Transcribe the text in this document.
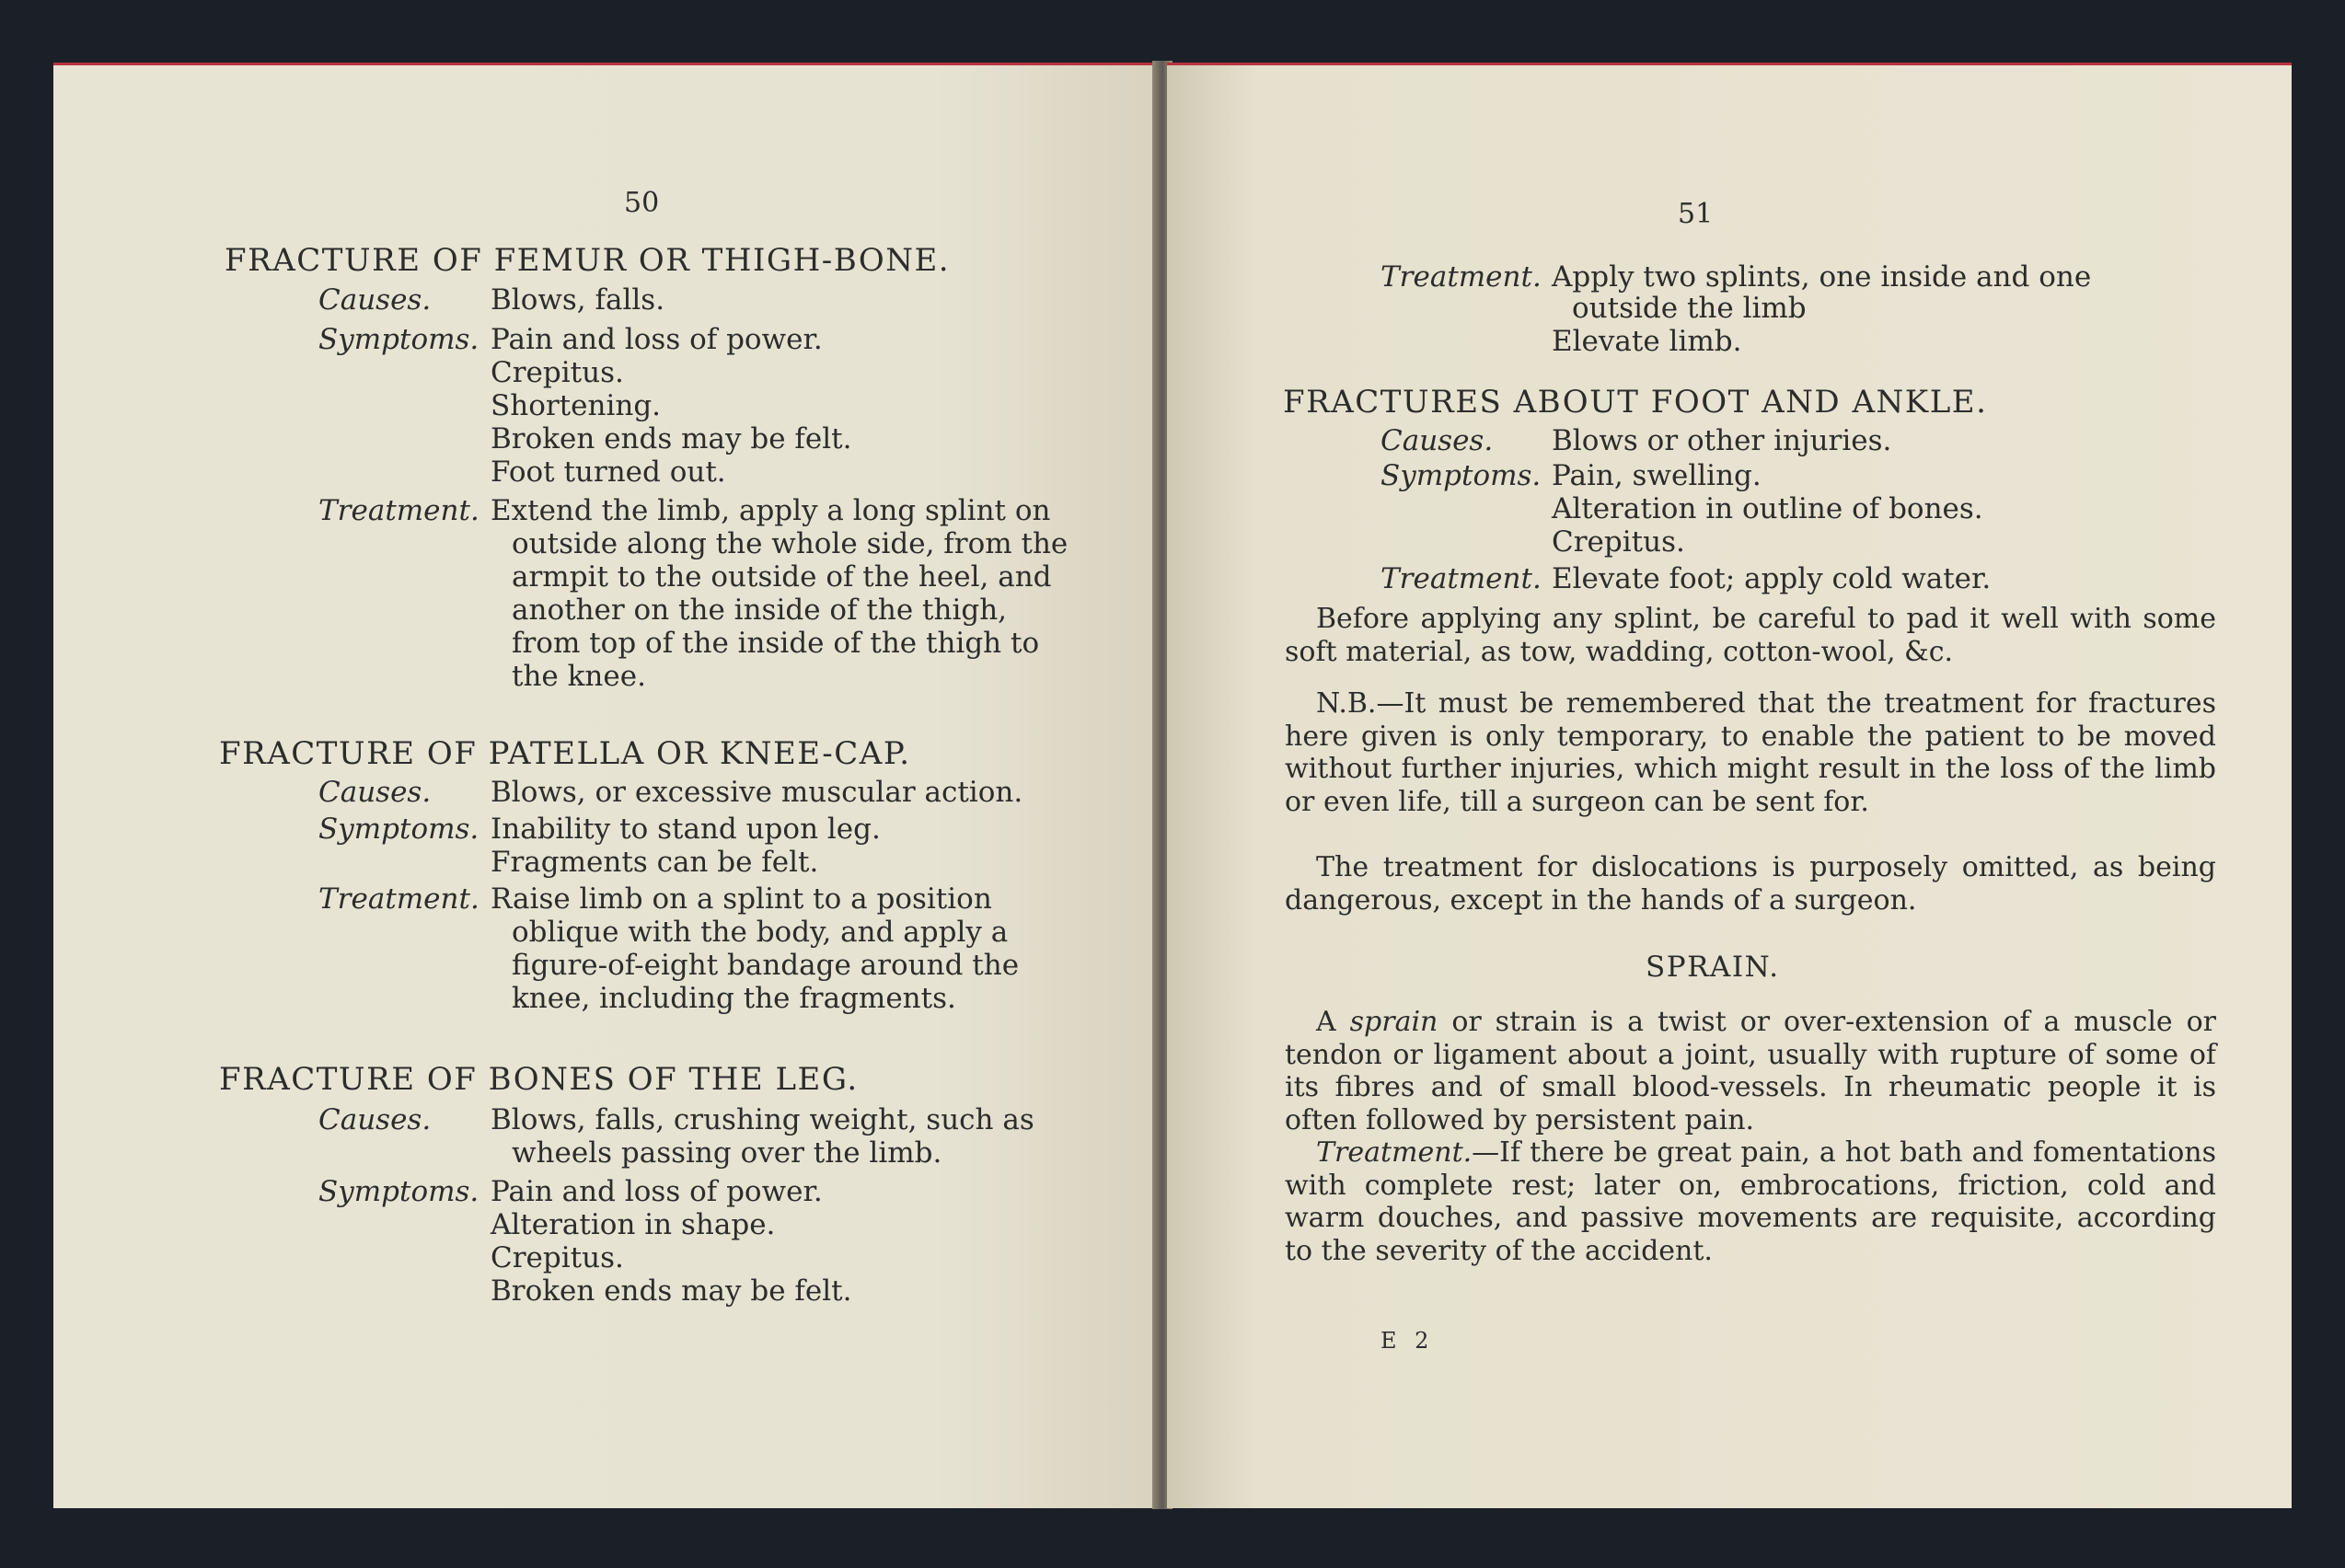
50
FRACTURE OF FEMUR OR THIGH-BONE.
Causes. Blows, falls.
Symptoms. Pain and loss of power.
Crepitus.
Shortening.
Broken ends may be felt.
Foot turned out.
Treatment. Extend the limb, apply a long splint on
outside along the whole side, from the
armpit to the outside of the heel, and
another on the inside of the thigh,
from top of the inside of the thigh to
the knee.
FRACTURE OF PATELLA OR KNEE-CAP.
Causes. Blows, or excessive muscular action.
Symptoms. Inability to stand upon leg.
Fragments can be felt.
Treatment. Raise limb on a splint to a position
oblique with the body, and apply a
figure-of-eight bandage around the
knee, including the fragments.
FRACTURE OF BONES OF THE LEG.
Causes. Blows, falls, crushing weight, such as
wheels passing over the limb.
Symptoms. Pain and loss of power.
Alteration in shape.
Crepitus.
Broken ends may be felt.
51
Treatment. Apply two splints, one inside and one
outside the limb
Elevate limb.
FRACTURES ABOUT FOOT AND ANKLE.
Causes. Blows or other injuries.
Symptoms. Pain, swelling.
Alteration in outline of bones.
Crepitus.
Treatment. Elevate foot; apply cold water.
Before applying any splint, be careful to pad it well with some soft material, as tow, wadding, cotton-wool, &c.
N.B.—It must be remembered that the treatment for fractures here given is only temporary, to enable the patient to be moved without further injuries, which might result in the loss of the limb or even life, till a surgeon can be sent for.
The treatment for dislocations is purposely omitted, as being dangerous, except in the hands of a surgeon.
SPRAIN.
A sprain or strain is a twist or over-extension of a muscle or tendon or ligament about a joint, usually with rupture of some of its fibres and of small blood-vessels. In rheumatic people it is often followed by persistent pain.
Treatment.—If there be great pain, a hot bath and fomentations with complete rest; later on, embrocations, friction, cold and warm douches, and passive movements are requisite, according to the severity of the accident.
E 2
